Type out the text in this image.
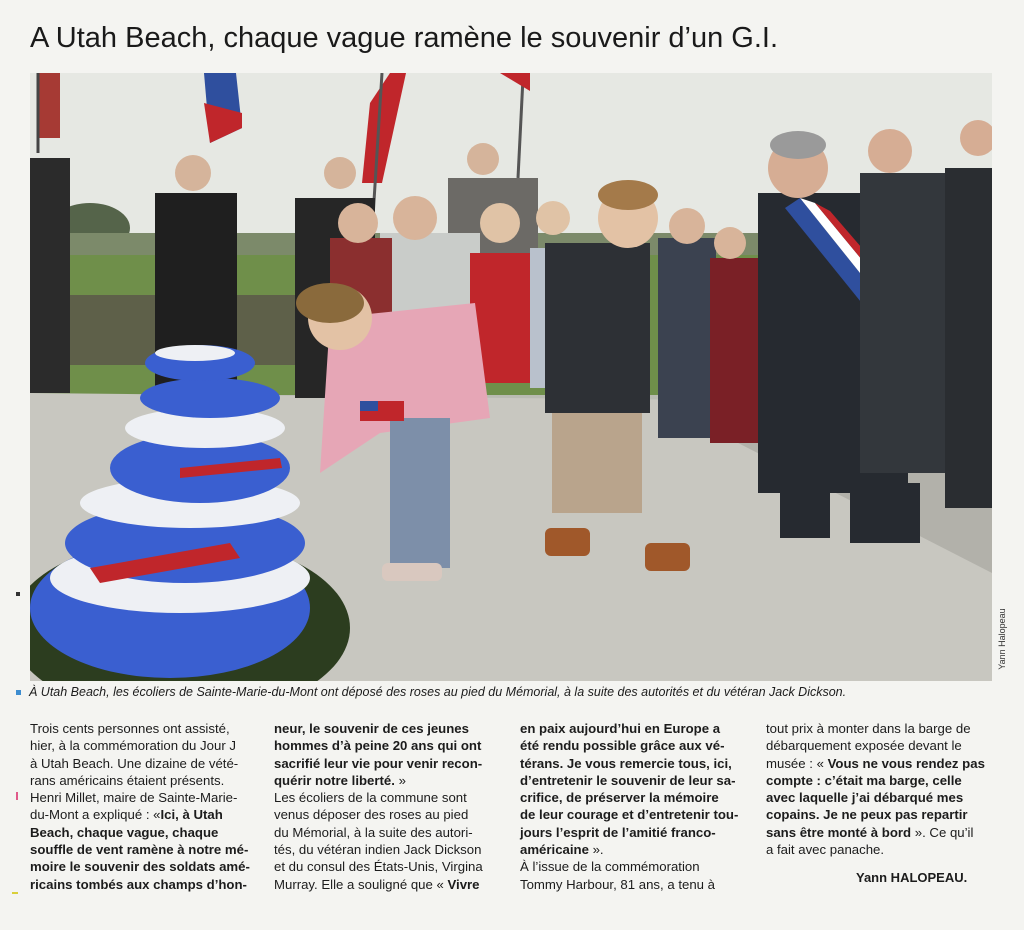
A Utah Beach, chaque vague ramène le souvenir d’un G.I.
Yann Halopeau
À Utah Beach, les écoliers de Sainte-Marie-du-Mont ont déposé des roses au pied du Mémorial, à la suite des autorités et du vétéran Jack Dickson.
Trois cents personnes ont assisté,
hier, à la commémoration du Jour J
à Utah Beach. Une dizaine de vété-
rans américains étaient présents.
Henri Millet, maire de Sainte-Marie-
du-Mont a expliqué : «Ici, à Utah
Beach, chaque vague, chaque
souffle de vent ramène à notre mé-
moire le souvenir des soldats amé-
ricains tombés aux champs d’hon-
neur, le souvenir de ces jeunes
hommes d’à peine 20 ans qui ont
sacrifié leur vie pour venir recon-
quérir notre liberté. »
Les écoliers de la commune sont
venus déposer des roses au pied
du Mémorial, à la suite des autori-
tés, du vétéran indien Jack Dickson
et du consul des États-Unis, Virgina
Murray. Elle a souligné que « Vivre
en paix aujourd’hui en Europe a
été rendu possible grâce aux vé-
térans. Je vous remercie tous, ici,
d’entretenir le souvenir de leur sa-
crifice, de préserver la mémoire
de leur courage et d’entretenir tou-
jours l’esprit de l’amitié franco-
américaine ».
À l’issue de la commémoration
Tommy Harbour, 81 ans, a tenu à
tout prix à monter dans la barge de
débarquement exposée devant le
musée : « Vous ne vous rendez pas
compte : c’était ma barge, celle
avec laquelle j’ai débarqué mes
copains. Je ne peux pas repartir
sans être monté à bord ». Ce qu’il
a fait avec panache.
Yann HALOPEAU.
